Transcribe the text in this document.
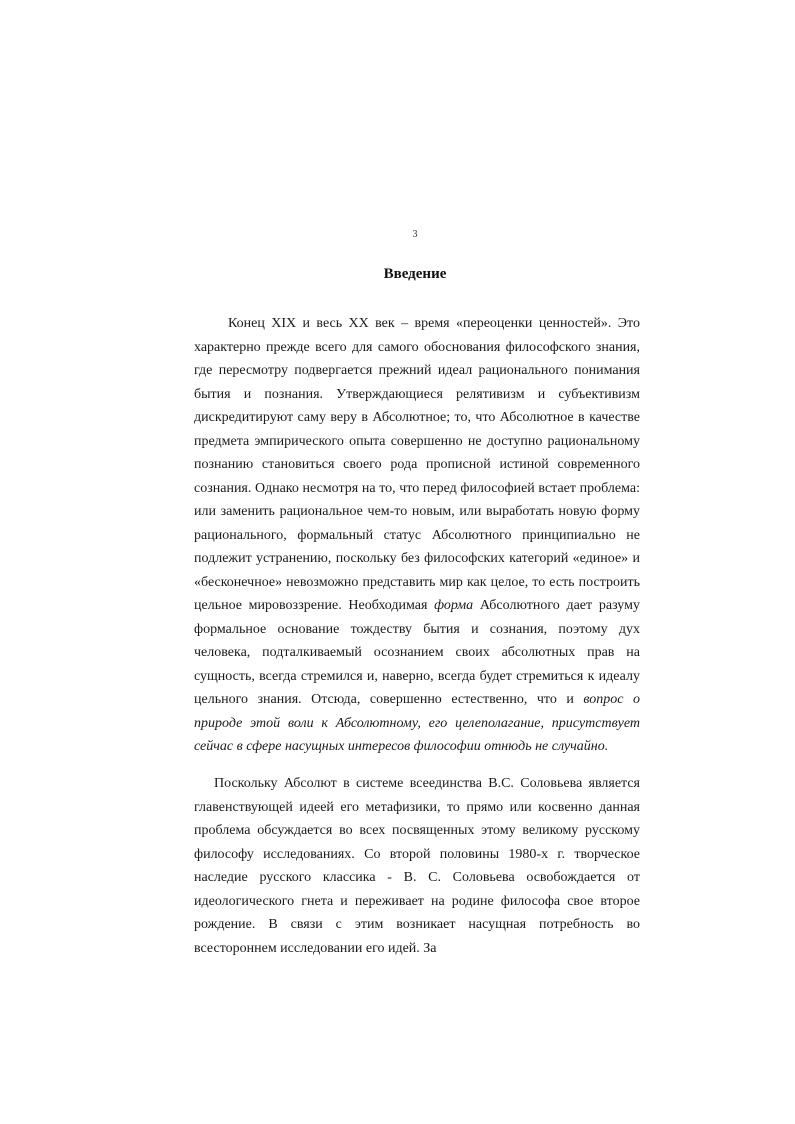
3
Введение

Конец XIX и весь XX век – время «переоценки ценностей». Это характерно прежде всего для самого обоснования философского знания, где пересмотру подвергается прежний идеал рационального понимания бытия и познания. Утверждающиеся релятивизм и субъективизм дискредитируют саму веру в Абсолютное; то, что Абсолютное в качестве предмета эмпирического опыта совершенно не доступно рациональному познанию становиться своего рода прописной истиной современного сознания. Однако несмотря на то, что перед философией встает проблема: или заменить рациональное чем-то новым, или выработать новую форму рационального, формальный статус Абсолютного принципиально не подлежит устранению, поскольку без философских категорий «единое» и «бесконечное» невозможно представить мир как целое, то есть построить цельное мировоззрение. Необходимая форма Абсолютного дает разуму формальное основание тождеству бытия и сознания, поэтому дух человека, подталкиваемый осознанием своих абсолютных прав на сущность, всегда стремился и, наверно, всегда будет стремиться к идеалу цельного знания. Отсюда, совершенно естественно, что и вопрос о природе этой воли к Абсолютному, его целеполагание, присутствует сейчас в сфере насущных интересов философии отнюдь не случайно.

Поскольку Абсолют в системе всеединства В.С. Соловьева является главенствующей идеей его метафизики, то прямо или косвенно данная проблема обсуждается во всех посвященных этому великому русскому философу исследованиях. Со второй половины 1980-х г. творческое наследие русского классика - В. С. Соловьева освобождается от идеологического гнета и переживает на родине философа свое второе рождение. В связи с этим возникает насущная потребность во всестороннем исследовании его идей. За
